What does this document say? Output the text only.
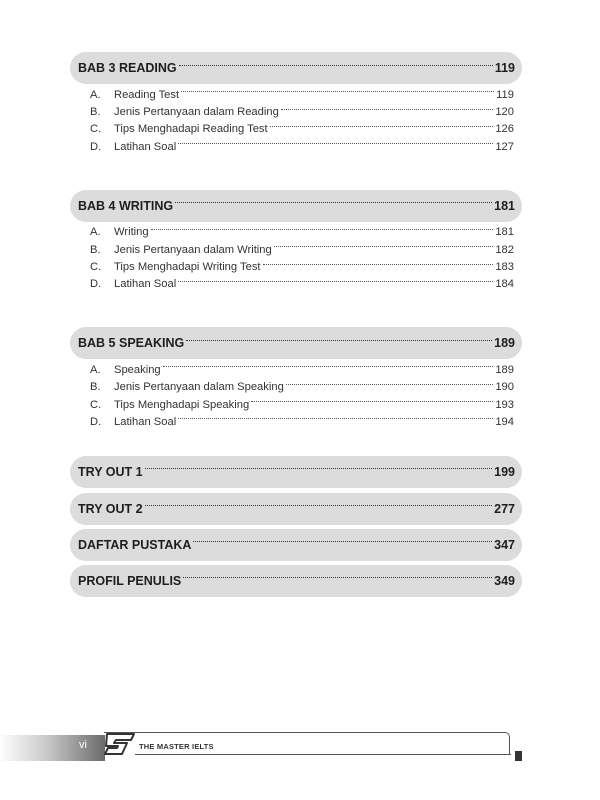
BAB 3 READING	119
A.	Reading Test	119
B.	Jenis Pertanyaan dalam Reading	120
C.	Tips Menghadapi Reading Test	126
D.	Latihan Soal	127
BAB 4 WRITING	181
A.	Writing	181
B.	Jenis Pertanyaan dalam Writing	182
C.	Tips Menghadapi Writing Test	183
D.	Latihan Soal	184
BAB 5 SPEAKING	189
A.	Speaking	189
B.	Jenis Pertanyaan dalam Speaking	190
C.	Tips Menghadapi Speaking	193
D.	Latihan Soal	194
TRY OUT 1	199
TRY OUT 2	277
DAFTAR PUSTAKA	347
PROFIL PENULIS	349
vi	THE MASTER IELTS
